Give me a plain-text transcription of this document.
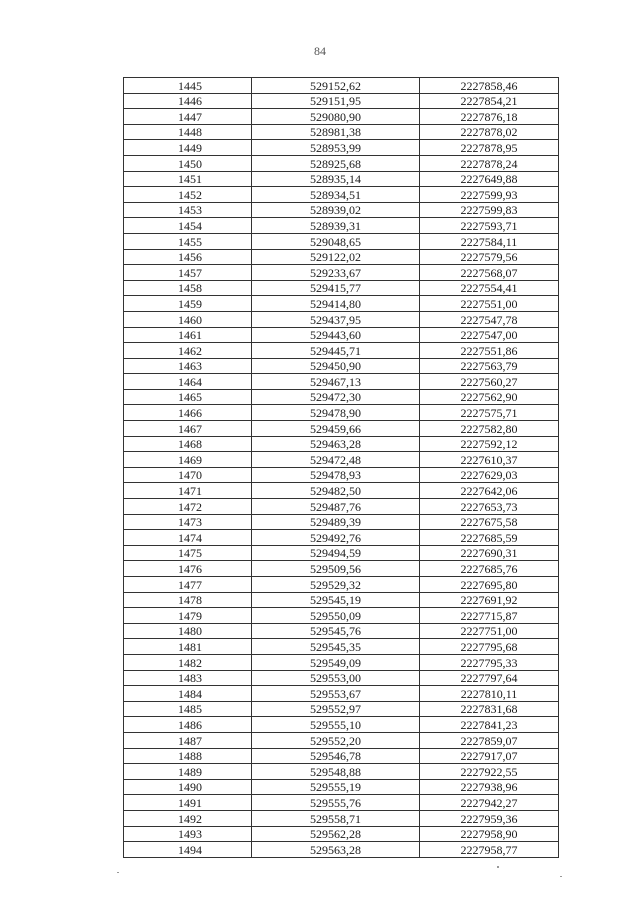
84
1445	529152,62	2227858,46
1446	529151,95	2227854,21
1447	529080,90	2227876,18
1448	528981,38	2227878,02
1449	528953,99	2227878,95
1450	528925,68	2227878,24
1451	528935,14	2227649,88
1452	528934,51	2227599,93
1453	528939,02	2227599,83
1454	528939,31	2227593,71
1455	529048,65	2227584,11
1456	529122,02	2227579,56
1457	529233,67	2227568,07
1458	529415,77	2227554,41
1459	529414,80	2227551,00
1460	529437,95	2227547,78
1461	529443,60	2227547,00
1462	529445,71	2227551,86
1463	529450,90	2227563,79
1464	529467,13	2227560,27
1465	529472,30	2227562,90
1466	529478,90	2227575,71
1467	529459,66	2227582,80
1468	529463,28	2227592,12
1469	529472,48	2227610,37
1470	529478,93	2227629,03
1471	529482,50	2227642,06
1472	529487,76	2227653,73
1473	529489,39	2227675,58
1474	529492,76	2227685,59
1475	529494,59	2227690,31
1476	529509,56	2227685,76
1477	529529,32	2227695,80
1478	529545,19	2227691,92
1479	529550,09	2227715,87
1480	529545,76	2227751,00
1481	529545,35	2227795,68
1482	529549,09	2227795,33
1483	529553,00	2227797,64
1484	529553,67	2227810,11
1485	529552,97	2227831,68
1486	529555,10	2227841,23
1487	529552,20	2227859,07
1488	529546,78	2227917,07
1489	529548,88	2227922,55
1490	529555,19	2227938,96
1491	529555,76	2227942,27
1492	529558,71	2227959,36
1493	529562,28	2227958,90
1494	529563,28	2227958,77
